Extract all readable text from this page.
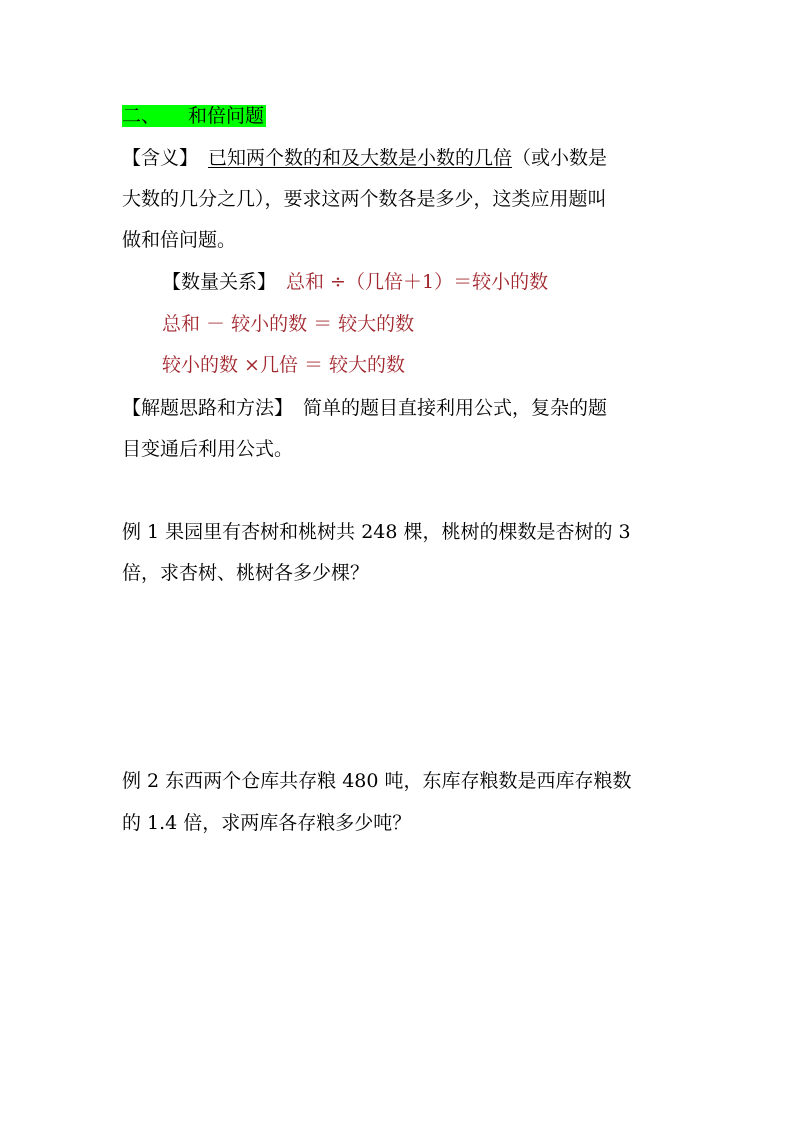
二、 和倍问题
【含义】 已知两个数的和及大数是小数的几倍（或小数是
大数的几分之几），要求这两个数各是多少，这类应用题叫
做和倍问题。
【数量关系】 总和 ÷（几倍＋1）＝较小的数
总和 － 较小的数 ＝ 较大的数
较小的数 ×几倍 ＝ 较大的数
【解题思路和方法】 简单的题目直接利用公式，复杂的题
目变通后利用公式。
例 1 果园里有杏树和桃树共 248 棵，桃树的棵数是杏树的 3
倍，求杏树、桃树各多少棵？
例 2 东西两个仓库共存粮 480 吨，东库存粮数是西库存粮数
的 1.4 倍，求两库各存粮多少吨？
